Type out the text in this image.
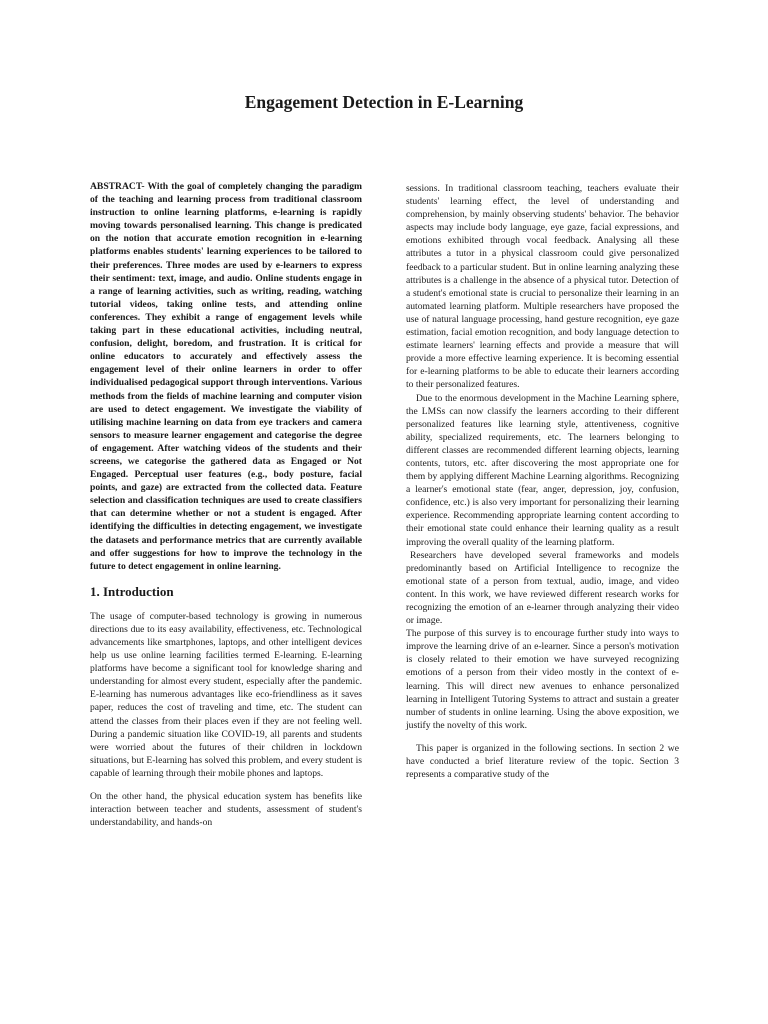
Engagement Detection in E-Learning

ABSTRACT- With the goal of completely changing the paradigm of the teaching and learning process from traditional classroom instruction to online learning platforms, e-learning is rapidly moving towards personalised learning. This change is predicated on the notion that accurate emotion recognition in e-learning platforms enables students' learning experiences to be tailored to their preferences. Three modes are used by e-learners to express their sentiment: text, image, and audio. Online students engage in a range of learning activities, such as writing, reading, watching tutorial videos, taking online tests, and attending online conferences. They exhibit a range of engagement levels while taking part in these educational activities, including neutral, confusion, delight, boredom, and frustration. It is critical for online educators to accurately and effectively assess the engagement level of their online learners in order to offer individualised pedagogical support through interventions. Various methods from the fields of machine learning and computer vision are used to detect engagement. We investigate the viability of utilising machine learning on data from eye trackers and camera sensors to measure learner engagement and categorise the degree of engagement. After watching videos of the students and their screens, we categorise the gathered data as Engaged or Not Engaged. Perceptual user features (e.g., body posture, facial points, and gaze) are extracted from the collected data. Feature selection and classification techniques are used to create classifiers that can determine whether or not a student is engaged. After identifying the difficulties in detecting engagement, we investigate the datasets and performance metrics that are currently available and offer suggestions for how to improve the technology in the future to detect engagement in online learning.

1. Introduction

The usage of computer-based technology is growing in numerous directions due to its easy availability, effectiveness, etc. Technological advancements like smartphones, laptops, and other intelligent devices help us use online learning facilities termed E-learning. E-learning platforms have become a significant tool for knowledge sharing and understanding for almost every student, especially after the pandemic. E-learning has numerous advantages like eco-friendliness as it saves paper, reduces the cost of traveling and time, etc. The student can attend the classes from their places even if they are not feeling well. During a pandemic situation like COVID-19, all parents and students were worried about the futures of their children in lockdown situations, but E-learning has solved this problem, and every student is capable of learning through their mobile phones and laptops.

On the other hand, the physical education system has benefits like interaction between teacher and students, assessment of student's understandability, and hands-on

sessions. In traditional classroom teaching, teachers evaluate their students' learning effect, the level of understanding and comprehension, by mainly observing students' behavior. The behavior aspects may include body language, eye gaze, facial expressions, and emotions exhibited through vocal feedback. Analysing all these attributes a tutor in a physical classroom could give personalized feedback to a particular student. But in online learning analyzing these attributes is a challenge in the absence of a physical tutor. Detection of a student's emotional state is crucial to personalize their learning in an automated learning platform. Multiple researchers have proposed the use of natural language processing, hand gesture recognition, eye gaze estimation, facial emotion recognition, and body language detection to estimate learners' learning effects and provide a measure that will provide a more effective learning experience. It is becoming essential for e-learning platforms to be able to educate their learners according to their personalized features.

Due to the enormous development in the Machine Learning sphere, the LMSs can now classify the learners according to their different personalized features like learning style, attentiveness, cognitive ability, specialized requirements, etc. The learners belonging to different classes are recommended different learning objects, learning contents, tutors, etc. after discovering the most appropriate one for them by applying different Machine Learning algorithms. Recognizing a learner's emotional state (fear, anger, depression, joy, confusion, confidence, etc.) is also very important for personalizing their learning experience. Recommending appropriate learning content according to their emotional state could enhance their learning quality as a result improving the overall quality of the learning platform.

Researchers have developed several frameworks and models predominantly based on Artificial Intelligence to recognize the emotional state of a person from textual, audio, image, and video content. In this work, we have reviewed different research works for recognizing the emotion of an e-learner through analyzing their video or image.

The purpose of this survey is to encourage further study into ways to improve the learning drive of an e-learner. Since a person's motivation is closely related to their emotion we have surveyed recognizing emotions of a person from their video mostly in the context of e-learning. This will direct new avenues to enhance personalized learning in Intelligent Tutoring Systems to attract and sustain a greater number of students in online learning. Using the above exposition, we justify the novelty of this work.

This paper is organized in the following sections. In section 2 we have conducted a brief literature review of the topic. Section 3 represents a comparative study of the
